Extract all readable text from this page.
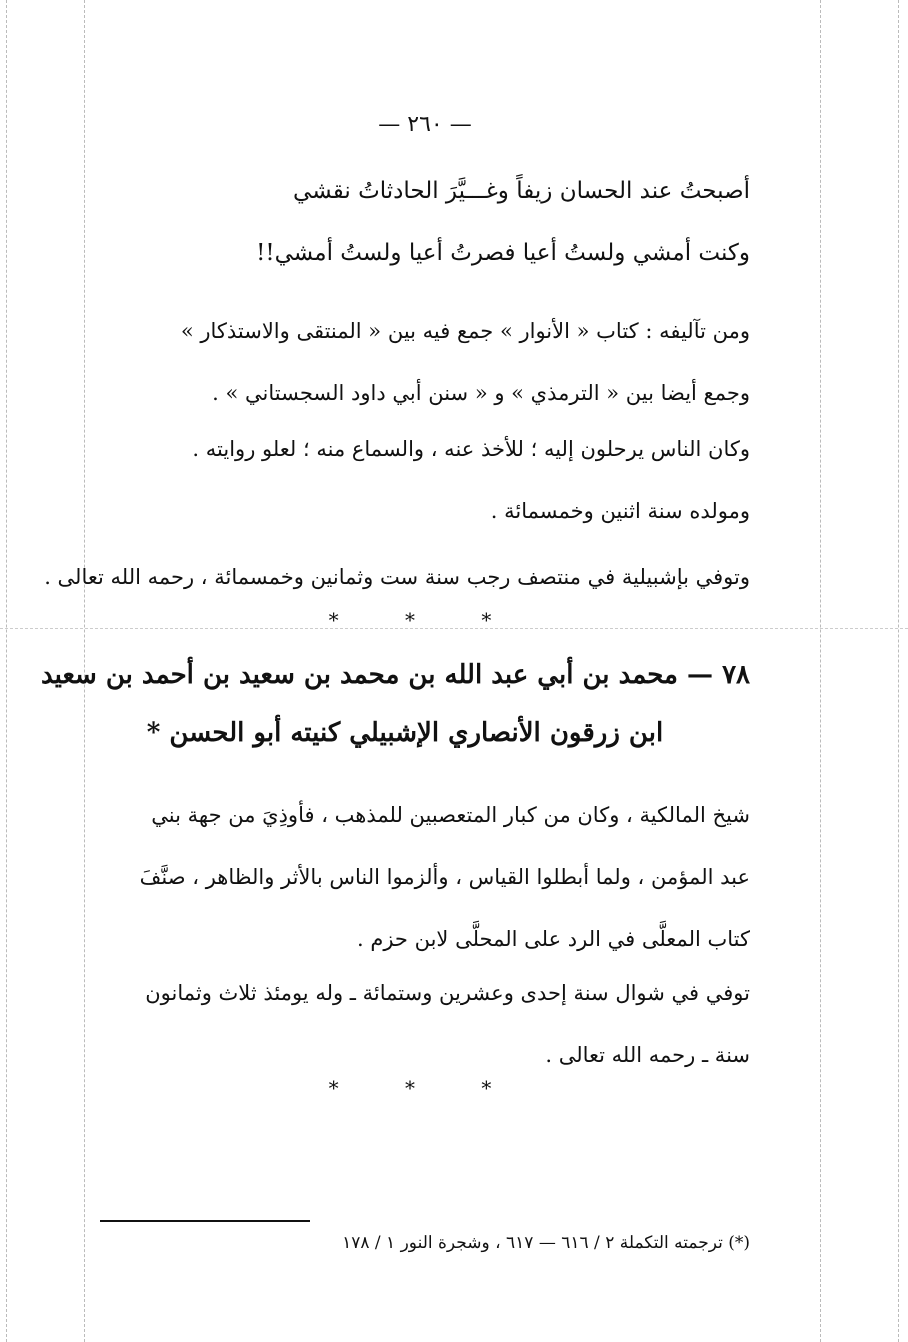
— ٢٦٠ —
أصبحتُ عند الحسان زيفاً وغـــيَّرَ الحادثاتُ نقشي
وكنت أمشي ولستُ أعيا فصرتُ أعيا ولستُ أمشي!!
ومن تآليفه : كتاب « الأنوار » جمع فيه بين « المنتقى والاستذكار »
وجمع أيضا بين « الترمذي » و « سنن أبي داود السجستاني » .
وكان الناس يرحلون إليه ؛ للأخذ عنه ، والسماع منه ؛ لعلو روايته .
ومولده سنة اثنين وخمسمائة .
وتوفي بإشبيلية في منتصف رجب سنة ست وثمانين وخمسمائة ، رحمه الله تعالى .
* * *
٧٨ — محمد بن أبي عبد الله بن محمد بن سعيد بن أحمد بن سعيد
ابن زرقون الأنصاري الإشبيلي كنيته أبو الحسن *
شيخ المالكية ، وكان من كبار المتعصبين للمذهب ، فأوذِيَ من جهة بني
عبد المؤمن ، ولما أبطلوا القياس ، وألزموا الناس بالأثر والظاهر ، صنَّفَ
كتاب المعلَّى في الرد على المحلَّى لابن حزم .
توفي في شوال سنة إحدى وعشرين وستمائة ـ وله يومئذ ثلاث وثمانون
سنة ـ رحمه الله تعالى .
* * *
(*) ترجمته التكملة ٢ / ٦١٦ — ٦١٧ ، وشجرة النور ١ / ١٧٨
